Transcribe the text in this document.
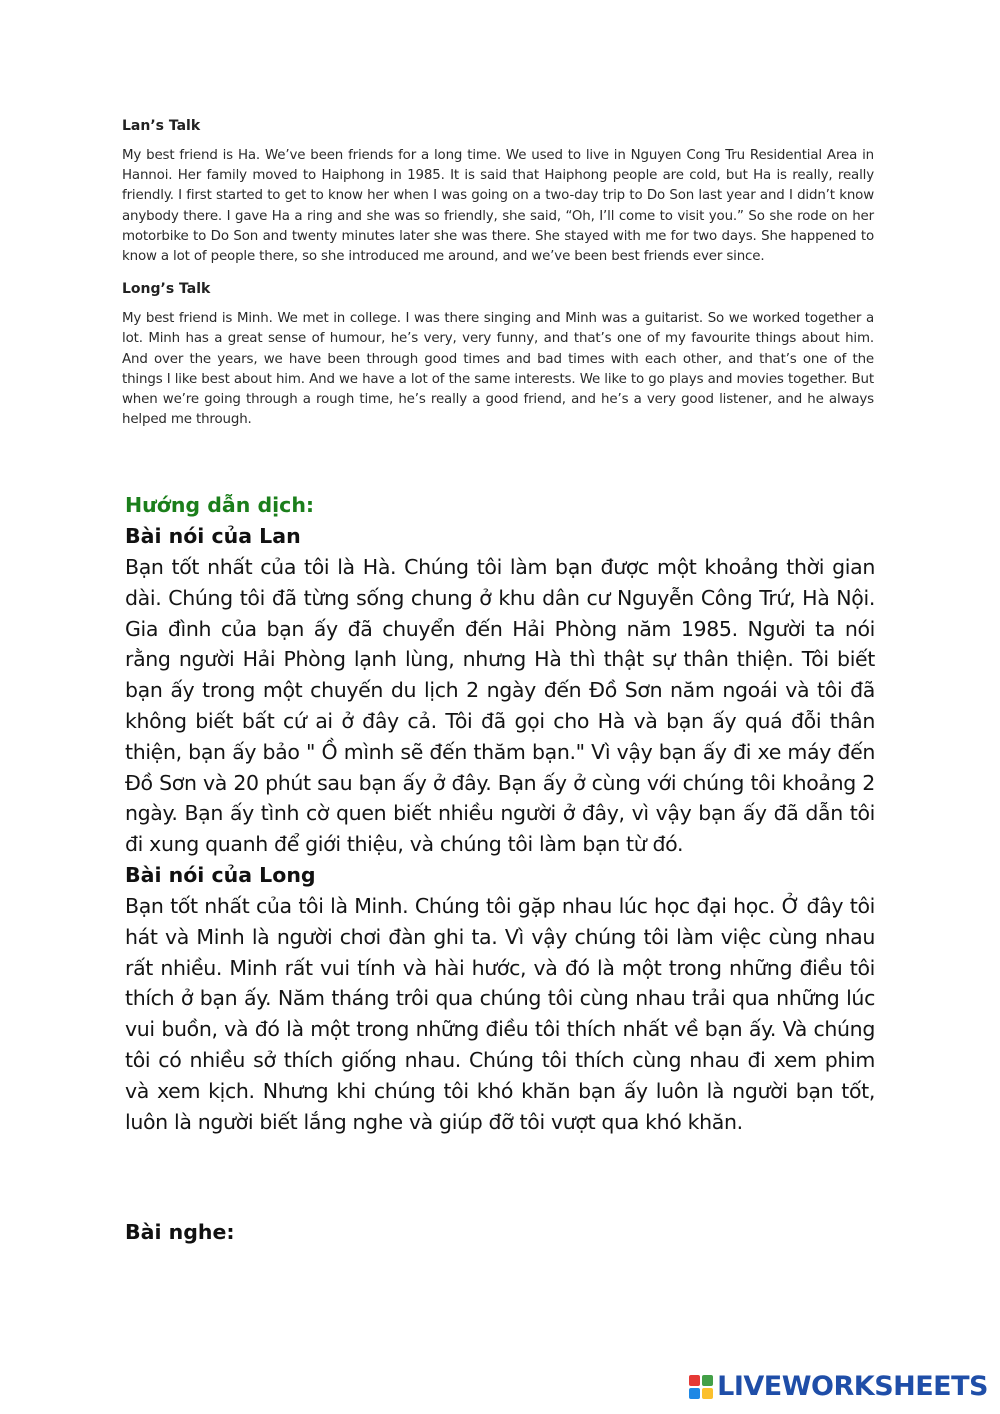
Lan’s Talk

My best friend is Ha. We’ve been friends for a long time. We used to live in Nguyen Cong Tru Residential Area in Hannoi. Her family moved to Haiphong in 1985. It is said that Haiphong people are cold, but Ha is really, really friendly. I first started to get to know her when I was going on a two-day trip to Do Son last year and I didn’t know anybody there. I gave Ha a ring and she was so friendly, she said, “Oh, I’ll come to visit you.” So she rode on her motorbike to Do Son and twenty minutes later she was there. She stayed with me for two days. She happened to know a lot of people there, so she introduced me around, and we’ve been best friends ever since.

Long’s Talk

My best friend is Minh. We met in college. I was there singing and Minh was a guitarist. So we worked together a lot. Minh has a great sense of humour, he’s very, very funny, and that’s one of my favourite things about him. And over the years, we have been through good times and bad times with each other, and that’s one of the things I like best about him. And we have a lot of the same interests. We like to go plays and movies together. But when we’re going through a rough time, he’s really a good friend, and he’s a very good listener, and he always helped me through.

Hướng dẫn dịch:
Bài nói của Lan

Bạn tốt nhất của tôi là Hà. Chúng tôi làm bạn được một khoảng thời gian dài. Chúng tôi đã từng sống chung ở khu dân cư Nguyễn Công Trứ, Hà Nội. Gia đình của bạn ấy đã chuyển đến Hải Phòng năm 1985. Người ta nói rằng người Hải Phòng lạnh lùng, nhưng Hà thì thật sự thân thiện. Tôi biết bạn ấy trong một chuyến du lịch 2 ngày đến Đồ Sơn năm ngoái và tôi đã không biết bất cứ ai ở đây cả. Tôi đã gọi cho Hà và bạn ấy quá đỗi thân thiện, bạn ấy bảo " Ồ mình sẽ đến thăm bạn." Vì vậy bạn ấy đi xe máy đến Đồ Sơn và 20 phút sau bạn ấy ở đây. Bạn ấy ở cùng với chúng tôi khoảng 2 ngày. Bạn ấy tình cờ quen biết nhiều người ở đây, vì vậy bạn ấy đã dẫn tôi đi xung quanh để giới thiệu, và chúng tôi làm bạn từ đó.

Bài nói của Long

Bạn tốt nhất của tôi là Minh. Chúng tôi gặp nhau lúc học đại học. Ở đây tôi hát và Minh là người chơi đàn ghi ta. Vì vậy chúng tôi làm việc cùng nhau rất nhiều. Minh rất vui tính và hài hước, và đó là một trong những điều tôi thích ở bạn ấy. Năm tháng trôi qua chúng tôi cùng nhau trải qua những lúc vui buồn, và đó là một trong những điều tôi thích nhất về bạn ấy. Và chúng tôi có nhiều sở thích giống nhau. Chúng tôi thích cùng nhau đi xem phim và xem kịch. Nhưng khi chúng tôi khó khăn bạn ấy luôn là người bạn tốt, luôn là người biết lắng nghe và giúp đỡ tôi vượt qua khó khăn.

Bài nghe:
LIVEWORKSHEETS
